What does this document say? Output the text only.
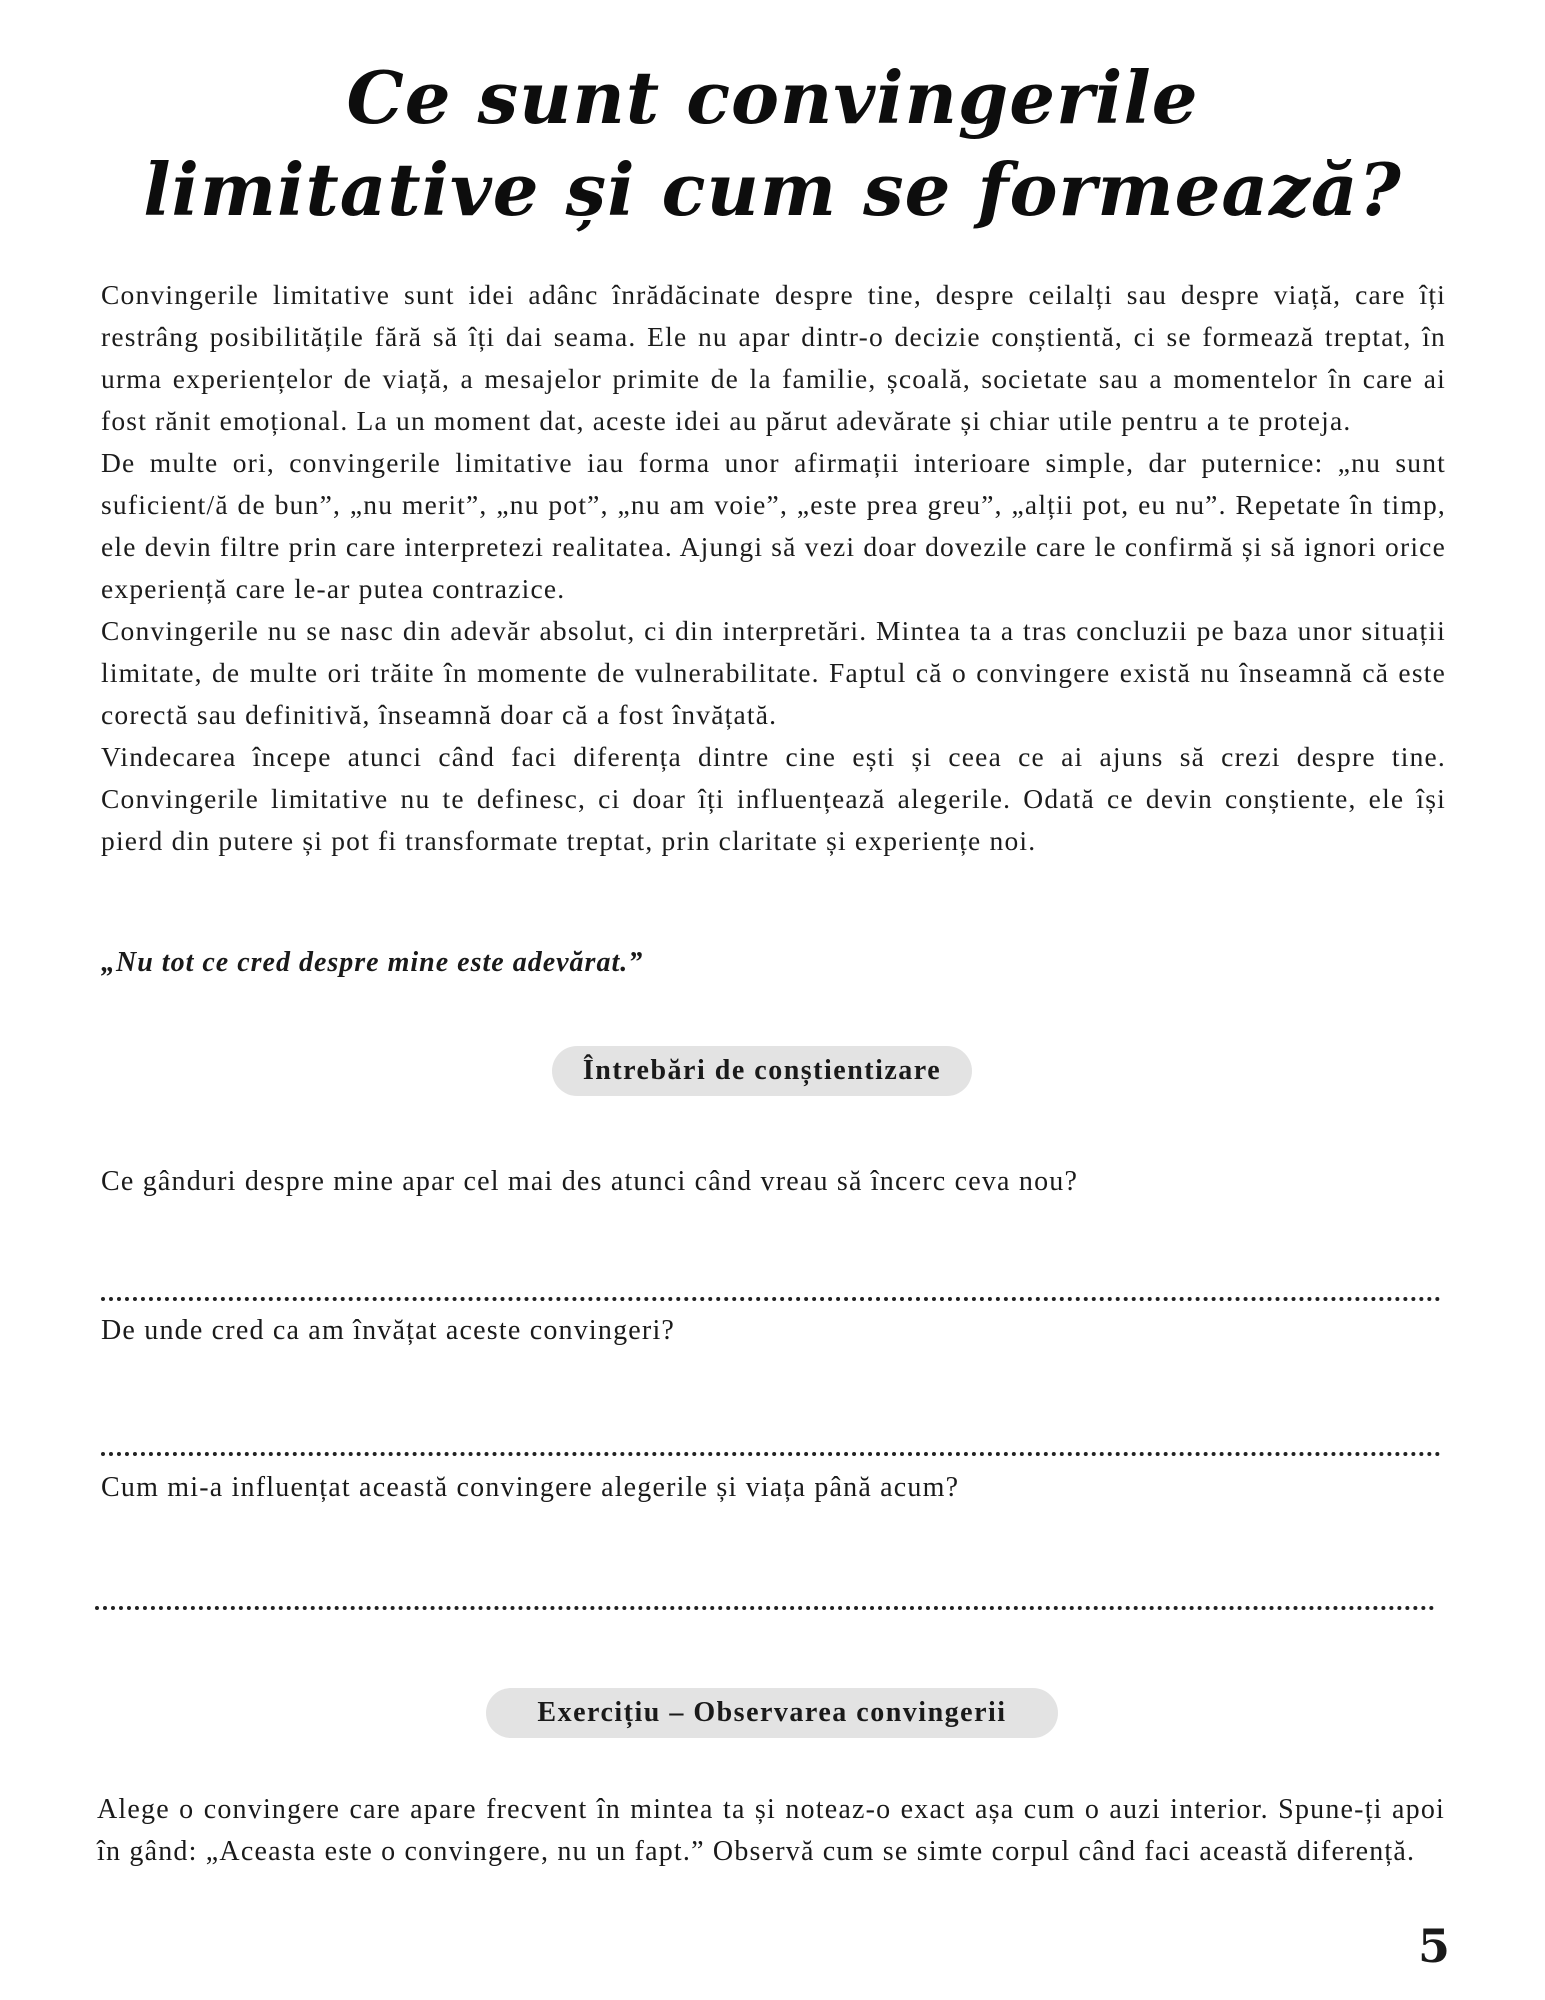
Ce sunt convingerile limitative și cum se formează?

Convingerile limitative sunt idei adânc înrădăcinate despre tine, despre ceilalți sau despre viață, care îți restrâng posibilitățile fără să îți dai seama. Ele nu apar dintr-o decizie conștientă, ci se formează treptat, în urma experiențelor de viață, a mesajelor primite de la familie, școală, societate sau a momentelor în care ai fost rănit emoțional. La un moment dat, aceste idei au părut adevărate și chiar utile pentru a te proteja.

De multe ori, convingerile limitative iau forma unor afirmații interioare simple, dar puternice: „nu sunt suficient/ă de bun”, „nu merit”, „nu pot”, „nu am voie”, „este prea greu”, „alții pot, eu nu”. Repetate în timp, ele devin filtre prin care interpretezi realitatea. Ajungi să vezi doar dovezile care le confirmă și să ignori orice experiență care le-ar putea contrazice.

Convingerile nu se nasc din adevăr absolut, ci din interpretări. Mintea ta a tras concluzii pe baza unor situații limitate, de multe ori trăite în momente de vulnerabilitate. Faptul că o convingere există nu înseamnă că este corectă sau definitivă, înseamnă doar că a fost învățată.

Vindecarea începe atunci când faci diferența dintre cine ești și ceea ce ai ajuns să crezi despre tine. Convingerile limitative nu te definesc, ci doar îți influențează alegerile. Odată ce devin conștiente, ele își pierd din putere și pot fi transformate treptat, prin claritate și experiențe noi.

„Nu tot ce cred despre mine este adevărat.”

Întrebări de conștientizare

Ce gânduri despre mine apar cel mai des atunci când vreau să încerc ceva nou?

De unde cred ca am învățat aceste convingeri?

Cum mi-a influențat această convingere alegerile și viața până acum?

Exercițiu – Observarea convingerii

Alege o convingere care apare frecvent în mintea ta și noteaz-o exact așa cum o auzi interior. Spune-ți apoi în gând: „Aceasta este o convingere, nu un fapt.” Observă cum se simte corpul când faci această diferență.

5
